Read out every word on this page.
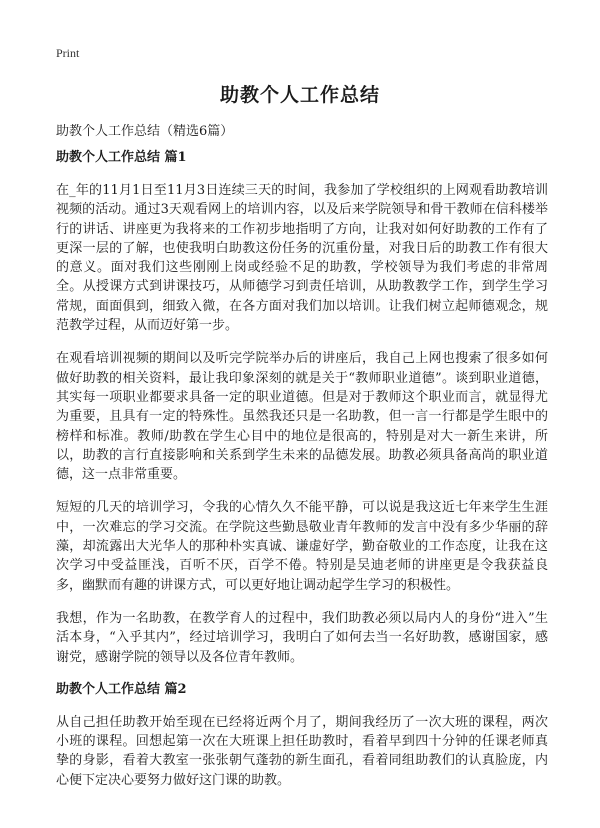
Print
助教个人工作总结

助教个人工作总结（精选6篇）

助教个人工作总结 篇1

在_年的11月1日至11月3日连续三天的时间，我参加了学校组织的上网观看助教培训视频的活动。通过3天观看网上的培训内容，以及后来学院领导和骨干教师在信科楼举行的讲话、讲座更为我将来的工作初步地指明了方向，让我对如何好助教的工作有了更深一层的了解，也使我明白助教这份任务的沉重份量，对我日后的助教工作有很大的意义。面对我们这些刚刚上岗或经验不足的助教，学校领导为我们考虑的非常周全。从授课方式到讲课技巧，从师德学习到责任培训，从助教教学工作，到学生学习常规，面面俱到，细致入微，在各方面对我们加以培训。让我们树立起师德观念，规范教学过程，从而迈好第一步。

在观看培训视频的期间以及听完学院举办后的讲座后，我自己上网也搜索了很多如何做好助教的相关资料，最让我印象深刻的就是关于“教师职业道德”。谈到职业道德，其实每一项职业都要求具备一定的职业道德。但是对于教师这个职业而言，就显得尤为重要，且具有一定的特殊性。虽然我还只是一名助教，但一言一行都是学生眼中的榜样和标准。教师/助教在学生心目中的地位是很高的，特别是对大一新生来讲，所以，助教的言行直接影响和关系到学生未来的品德发展。助教必须具备高尚的职业道德，这一点非常重要。

短短的几天的培训学习，令我的心情久久不能平静，可以说是我这近七年来学生生涯中，一次难忘的学习交流。在学院这些勤恳敬业青年教师的发言中没有多少华丽的辞藻，却流露出大光华人的那种朴实真诚、谦虚好学，勤奋敬业的工作态度，让我在这次学习中受益匪浅，百听不厌，百学不倦。特别是吴迪老师的讲座更是令我获益良多，幽默而有趣的讲课方式，可以更好地让调动起学生学习的积极性。

我想，作为一名助教，在教学育人的过程中，我们助教必须以局内人的身份“进入”生活本身，“入乎其内”，经过培训学习，我明白了如何去当一名好助教，感谢国家，感谢党，感谢学院的领导以及各位青年教师。

助教个人工作总结 篇2

从自己担任助教开始至现在已经将近两个月了，期间我经历了一次大班的课程，两次小班的课程。回想起第一次在大班课上担任助教时，看着早到四十分钟的任课老师真挚的身影，看着大教室一张张朝气蓬勃的新生面孔，看着同组助教们的认真脸庞，内心便下定决心要努力做好这门课的助教。
